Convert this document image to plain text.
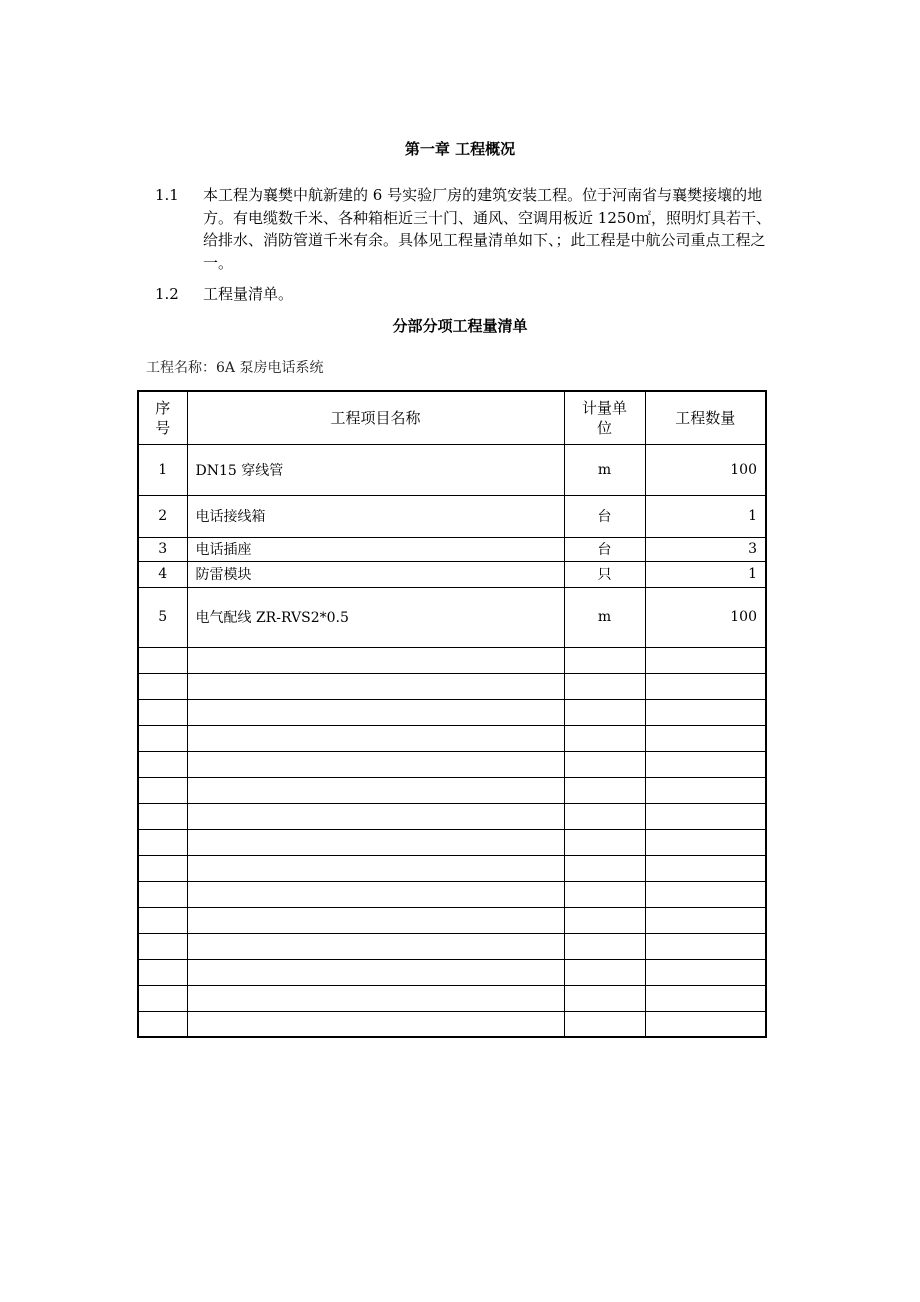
第一章 工程概况
1.1	本工程为襄樊中航新建的 6 号实验厂房的建筑安装工程。位于河南省与襄樊接壤的地方。有电缆数千米、各种箱柜近三十门、通风、空调用板近 1250㎡，照明灯具若干、给排水、消防管道千米有余。具体见工程量清单如下、；此工程是中航公司重点工程之一。
1.2	工程量清单。
分部分项工程量清单
工程名称：6A 泵房电话系统
序号	工程项目名称	计量单位	工程数量
1	DN15 穿线管	m	100
2	电话接线箱	台	1
3	电话插座	台	3
4	防雷模块	只	1
5	电气配线 ZR-RVS2*0.5	m	100
